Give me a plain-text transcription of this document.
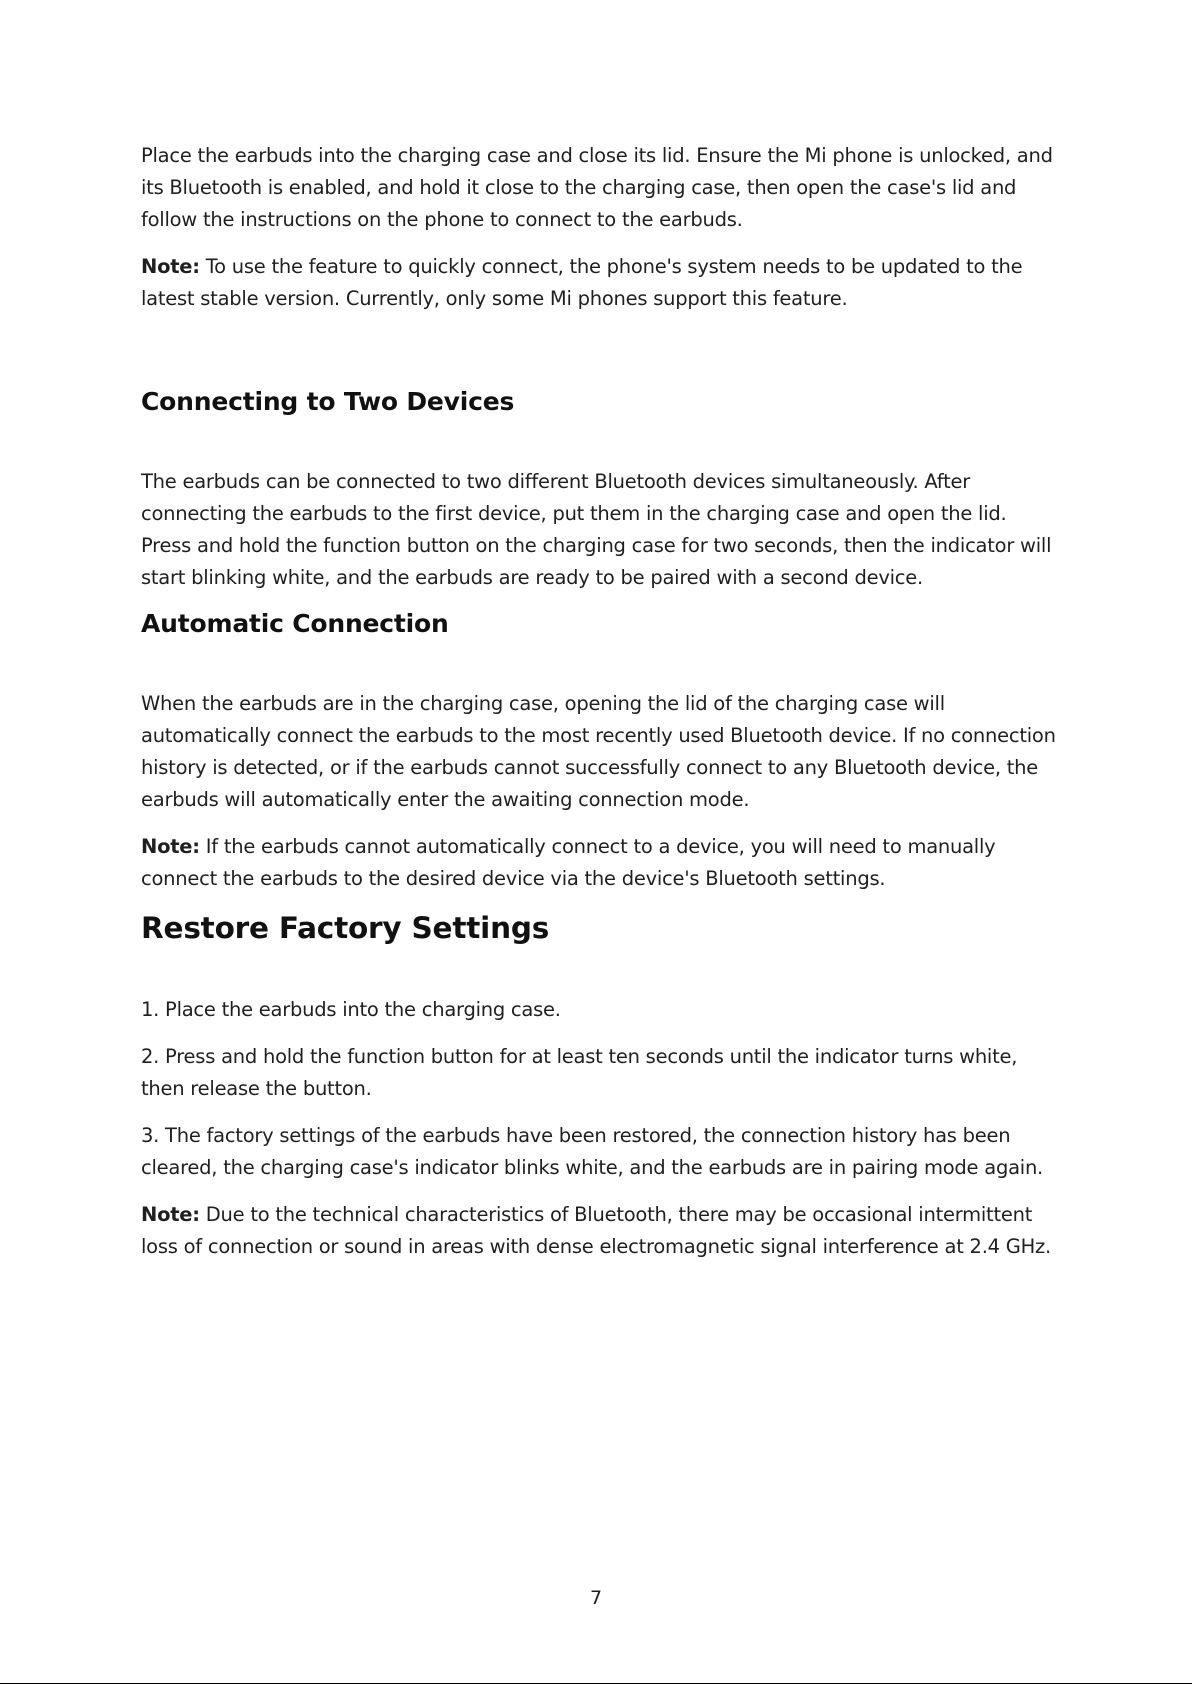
Place the earbuds into the charging case and close its lid. Ensure the Mi phone is unlocked, and its Bluetooth is enabled, and hold it close to the charging case, then open the case's lid and follow the instructions on the phone to connect to the earbuds.

Note: To use the feature to quickly connect, the phone's system needs to be updated to the latest stable version. Currently, only some Mi phones support this feature.

Connecting to Two Devices

The earbuds can be connected to two different Bluetooth devices simultaneously. After connecting the earbuds to the first device, put them in the charging case and open the lid. Press and hold the function button on the charging case for two seconds, then the indicator will start blinking white, and the earbuds are ready to be paired with a second device.

Automatic Connection

When the earbuds are in the charging case, opening the lid of the charging case will automatically connect the earbuds to the most recently used Bluetooth device. If no connection history is detected, or if the earbuds cannot successfully connect to any Bluetooth device, the earbuds will automatically enter the awaiting connection mode.

Note: If the earbuds cannot automatically connect to a device, you will need to manually connect the earbuds to the desired device via the device's Bluetooth settings.

Restore Factory Settings

1. Place the earbuds into the charging case.

2. Press and hold the function button for at least ten seconds until the indicator turns white, then release the button.

3. The factory settings of the earbuds have been restored, the connection history has been cleared, the charging case's indicator blinks white, and the earbuds are in pairing mode again.

Note: Due to the technical characteristics of Bluetooth, there may be occasional intermittent loss of connection or sound in areas with dense electromagnetic signal interference at 2.4 GHz.

7
